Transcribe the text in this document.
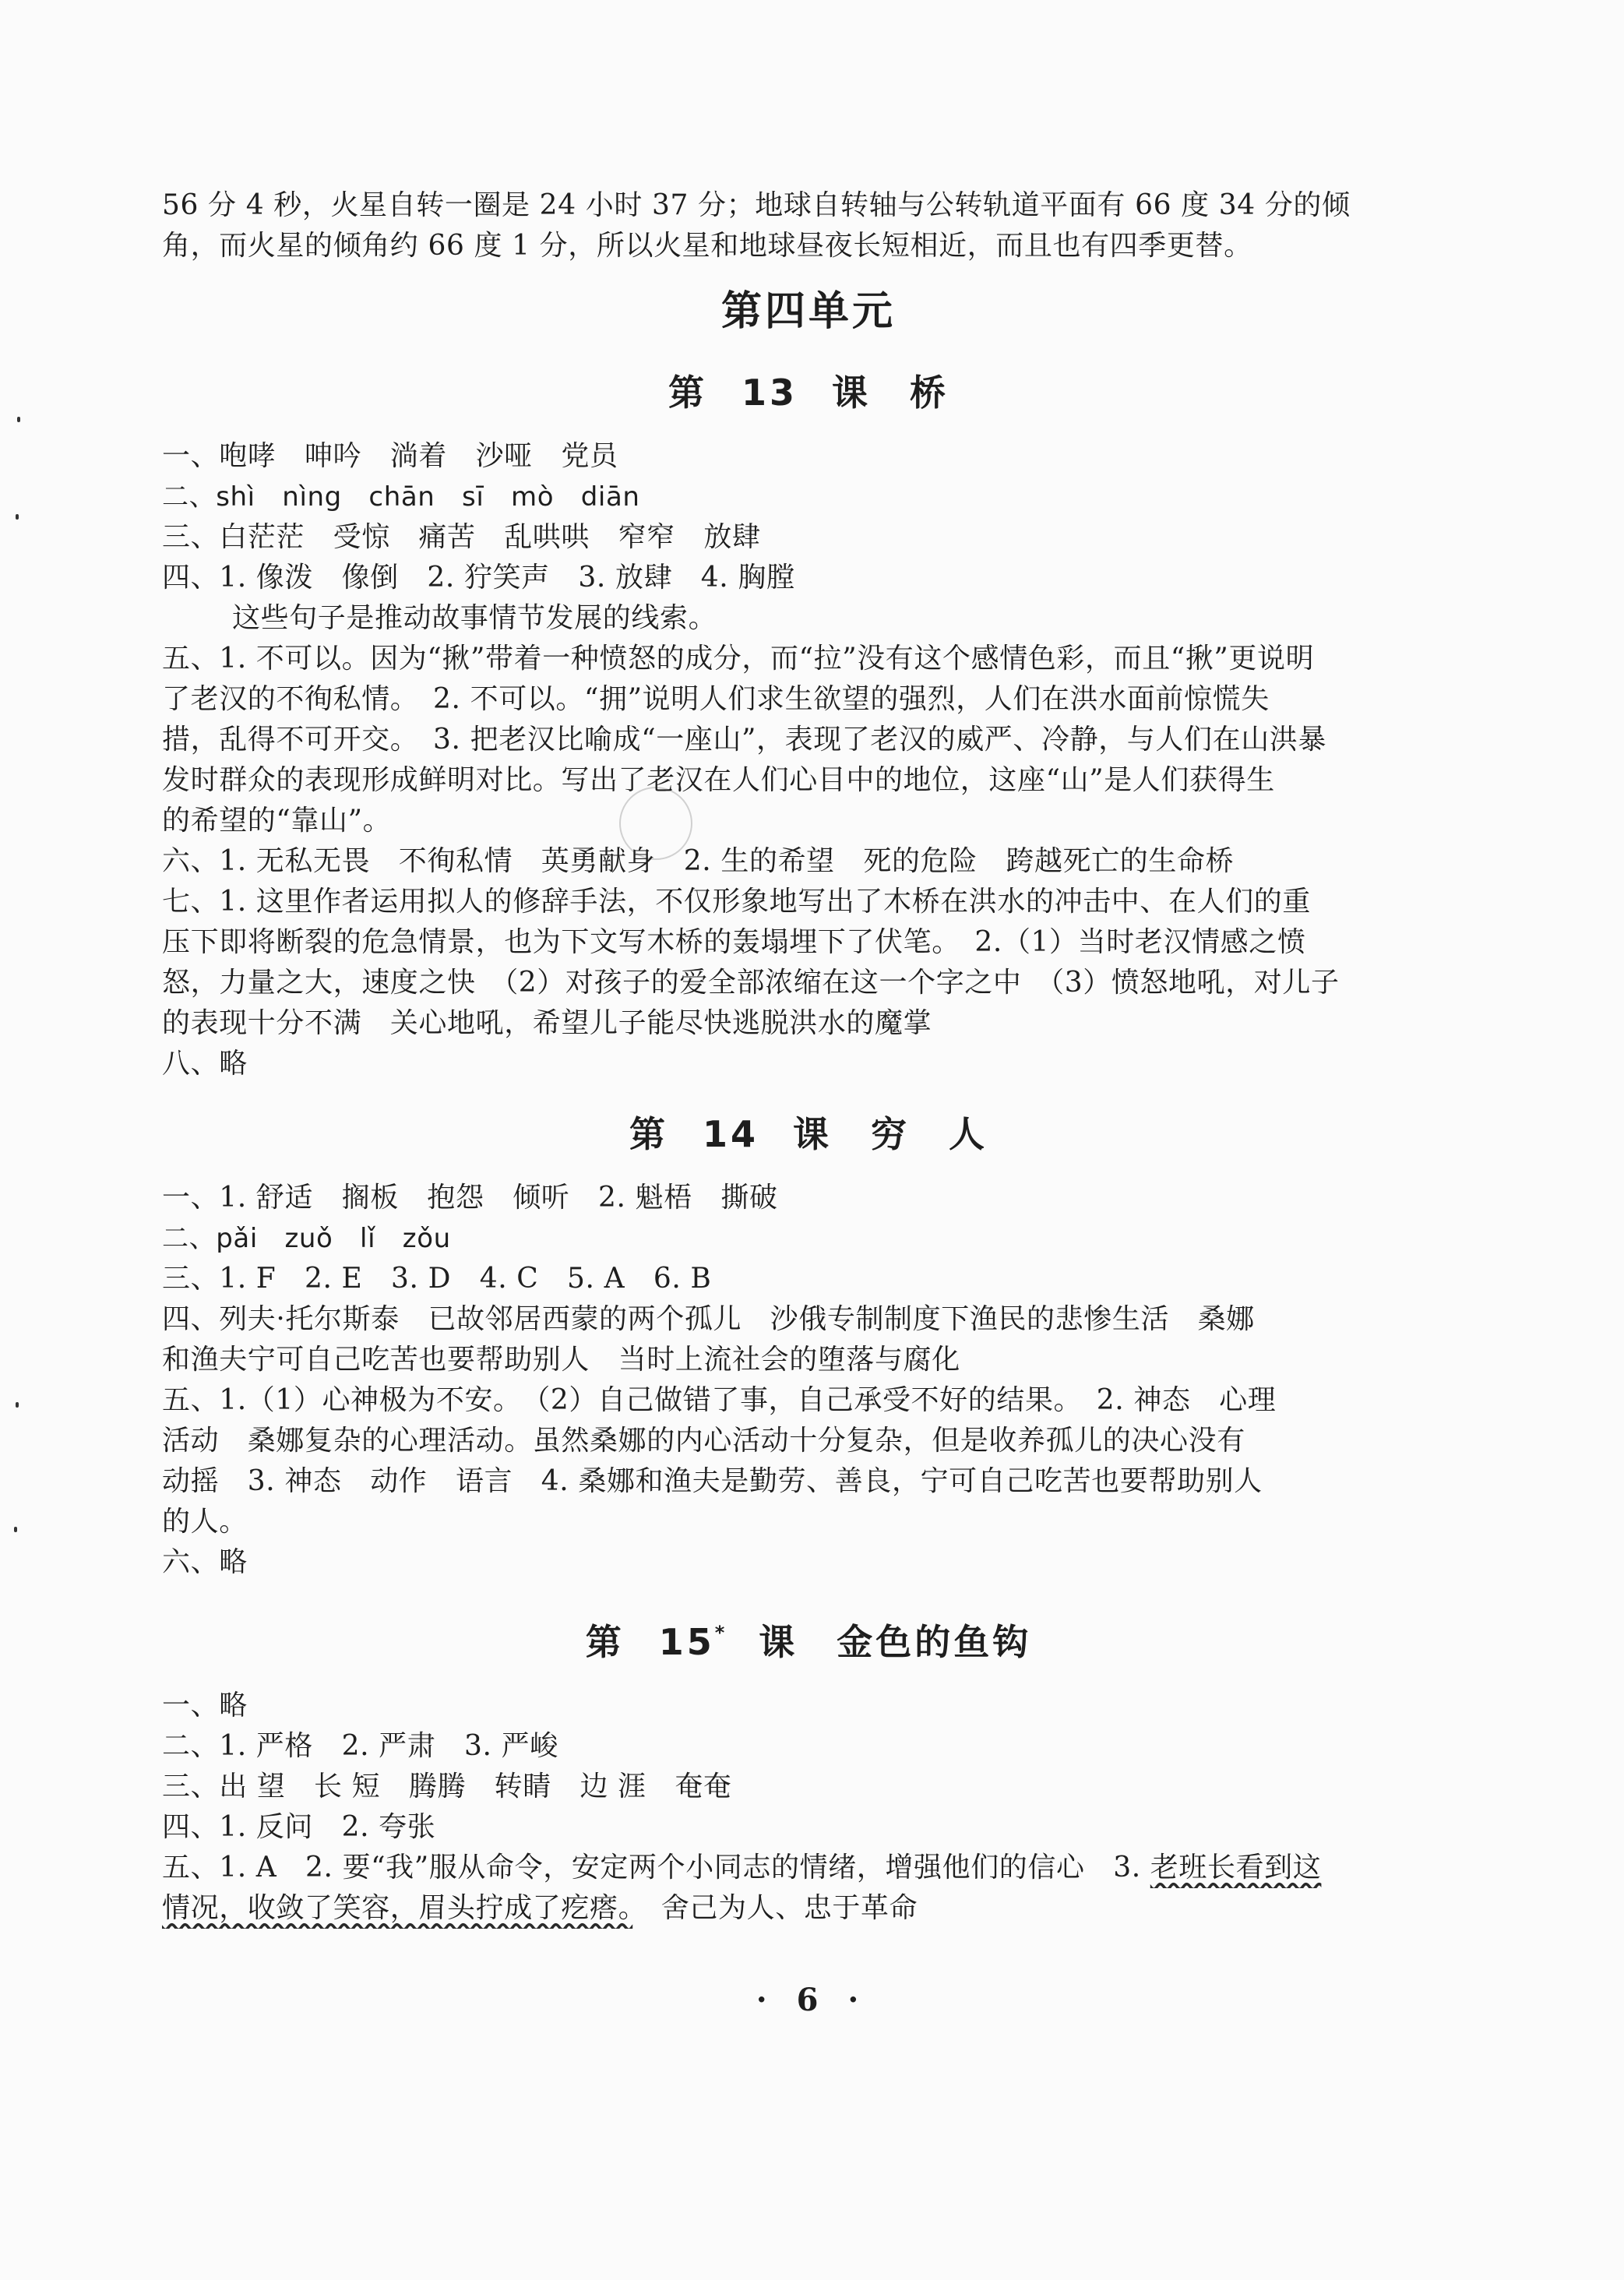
56 分 4 秒，火星自转一圈是 24 小时 37 分；地球自转轴与公转轨道平面有 66 度 34 分的倾
角，而火星的倾角约 66 度 1 分，所以火星和地球昼夜长短相近，而且也有四季更替。
第四单元
第 13 课　桥
一、咆哮　呻吟　淌着　沙哑　党员
二、shì　nìng　chān　sī　mò　diān
三、白茫茫　受惊　痛苦　乱哄哄　窄窄　放肆
四、1. 像泼　像倒　2. 狞笑声　3. 放肆　4. 胸膛
这些句子是推动故事情节发展的线索。
五、1. 不可以。因为“揪”带着一种愤怒的成分，而“拉”没有这个感情色彩，而且“揪”更说明
了老汉的不徇私情。　2. 不可以。“拥”说明人们求生欲望的强烈，人们在洪水面前惊慌失
措，乱得不可开交。　3. 把老汉比喻成“一座山”，表现了老汉的威严、冷静，与人们在山洪暴
发时群众的表现形成鲜明对比。写出了老汉在人们心目中的地位，这座“山”是人们获得生
的希望的“靠山”。
六、1. 无私无畏　不徇私情　英勇献身　2. 生的希望　死的危险　跨越死亡的生命桥
七、1. 这里作者运用拟人的修辞手法，不仅形象地写出了木桥在洪水的冲击中、在人们的重
压下即将断裂的危急情景，也为下文写木桥的轰塌埋下了伏笔。　2.（1）当时老汉情感之愤
怒，力量之大，速度之快　（2）对孩子的爱全部浓缩在这一个字之中　（3）愤怒地吼，对儿子
的表现十分不满　关心地吼，希望儿子能尽快逃脱洪水的魔掌
八、略
第 14 课　穷　人
一、1. 舒适　搁板　抱怨　倾听　2. 魁梧　撕破
二、pǎi　zuǒ　lǐ　zǒu
三、1. F　2. E　3. D　4. C　5. A　6. B
四、列夫·托尔斯泰　已故邻居西蒙的两个孤儿　沙俄专制制度下渔民的悲惨生活　桑娜
和渔夫宁可自己吃苦也要帮助别人　当时上流社会的堕落与腐化
五、1.（1）心神极为不安。　（2）自己做错了事，自己承受不好的结果。　2. 神态　心理
活动　桑娜复杂的心理活动。虽然桑娜的内心活动十分复杂，但是收养孤儿的决心没有
动摇　3. 神态　动作　语言　4. 桑娜和渔夫是勤劳、善良，宁可自己吃苦也要帮助别人
的人。
六、略
第 15* 课　金色的鱼钩
一、略
二、1. 严格　2. 严肃　3. 严峻
三、出 望　长 短　腾腾　转睛　边 涯　奄奄
四、1. 反问　2. 夸张
五、1. A　2. 要“我”服从命令，安定两个小同志的情绪，增强他们的信心　3. 老班长看到这
情况，收敛了笑容，眉头拧成了疙瘩。　舍己为人、忠于革命
· 6 ·
